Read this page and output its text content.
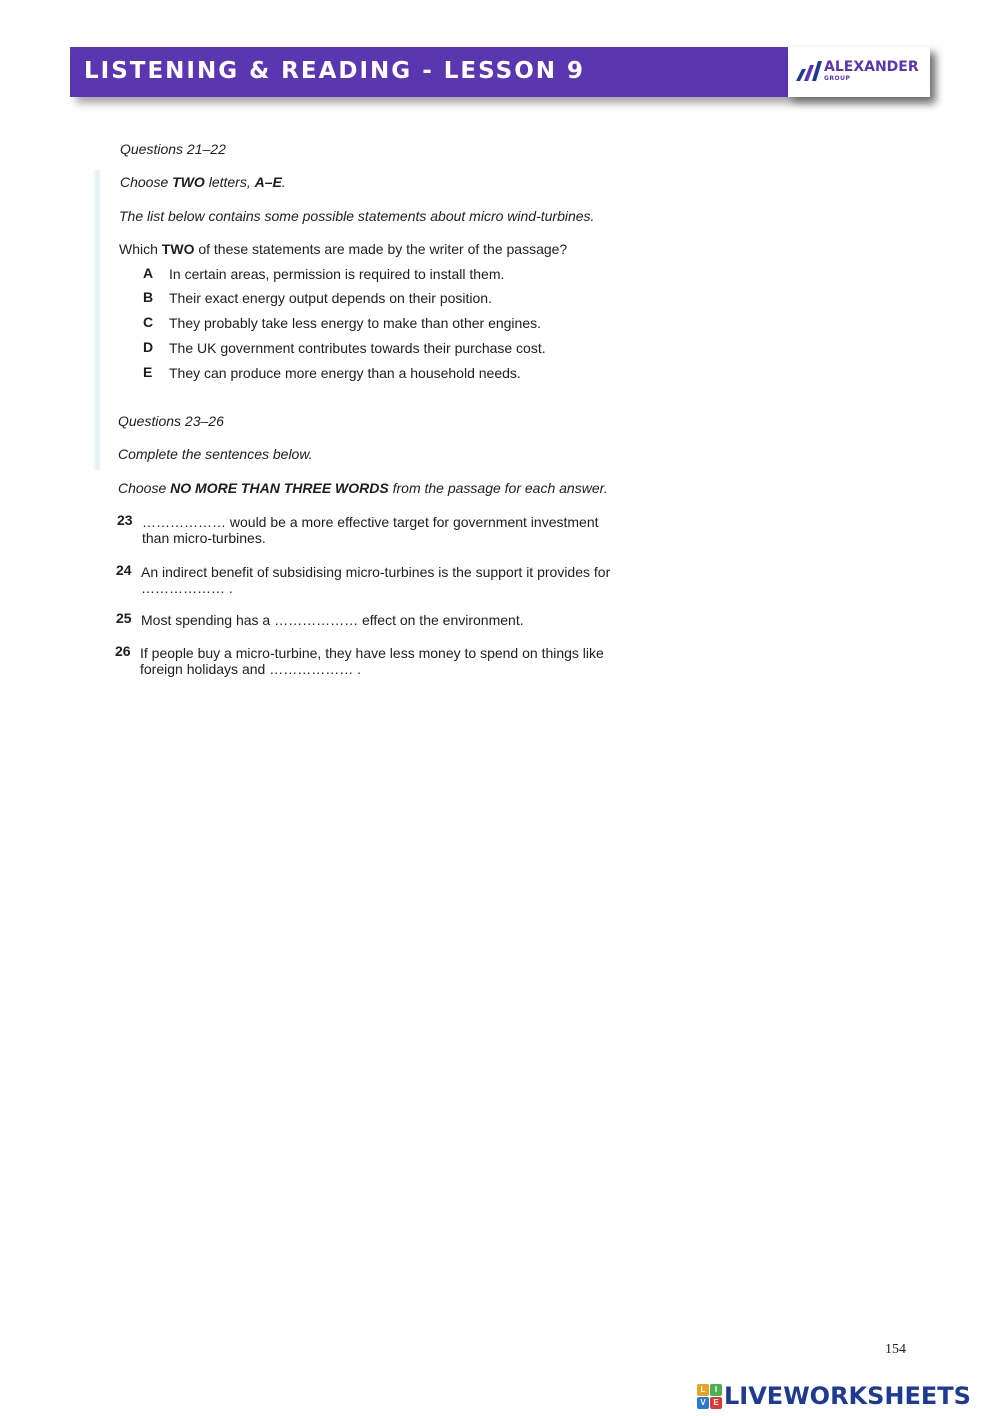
LISTENING & READING - LESSON 9	ALEXANDER
GROUP
Questions 21–22
Choose TWO letters, A–E.
The list below contains some possible statements about micro wind-turbines.
Which TWO of these statements are made by the writer of the passage?
A In certain areas, permission is required to install them.
B Their exact energy output depends on their position.
C They probably take less energy to make than other engines.
D The UK government contributes towards their purchase cost.
E They can produce more energy than a household needs.
Questions 23–26
Complete the sentences below.
Choose NO MORE THAN THREE WORDS from the passage for each answer.
23 ……………… would be a more effective target for government investment
than micro-turbines.
24 An indirect benefit of subsidising micro-turbines is the support it provides for
……………… .
25 Most spending has a ……………… effect on the environment.
26 If people buy a micro-turbine, they have less money to spend on things like
foreign holidays and ……………… .
154
L	I
V E LIVEWORKSHEETS
